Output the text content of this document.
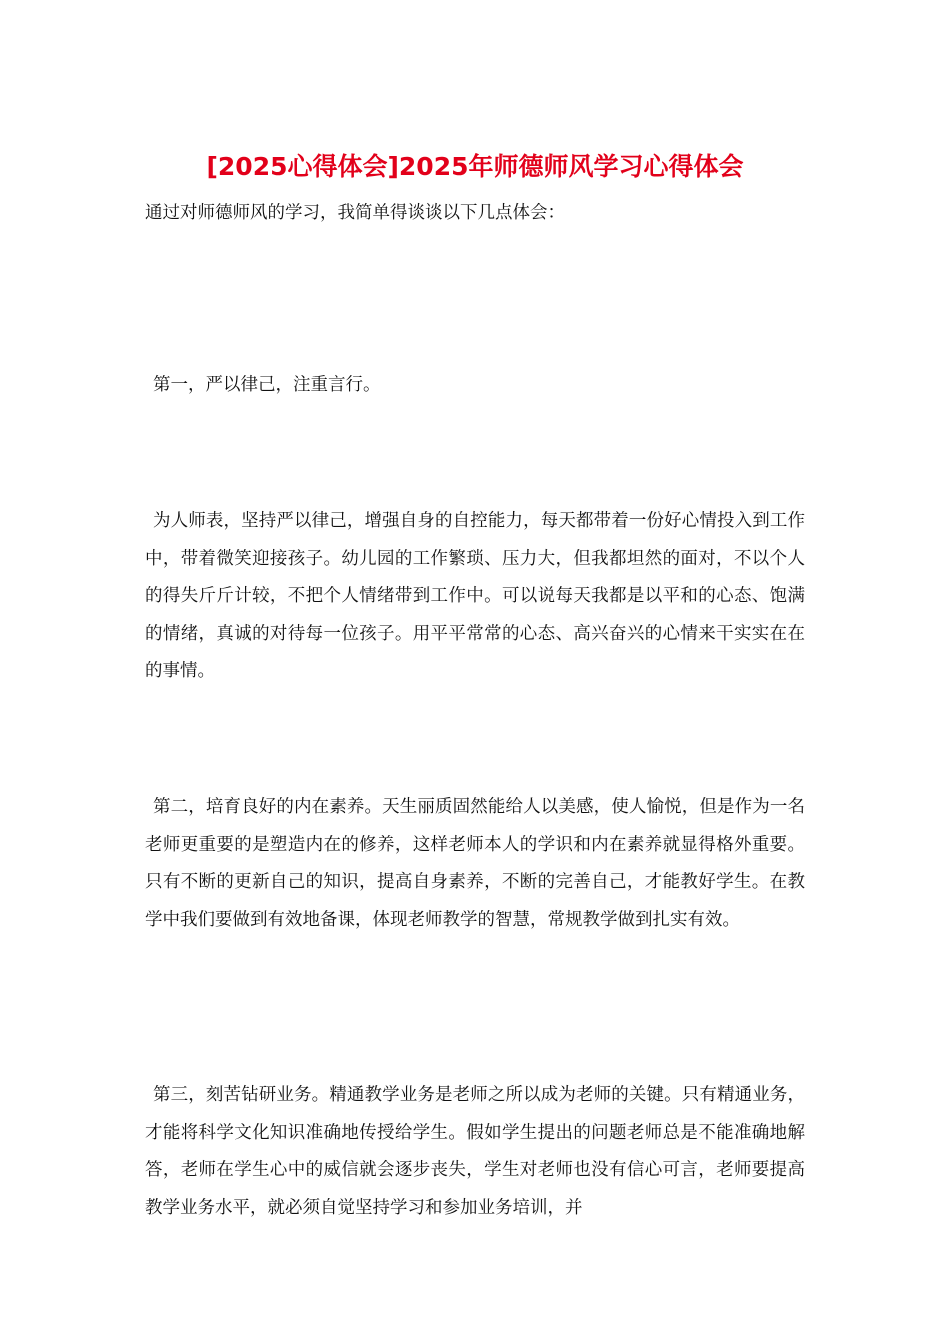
[2025心得体会]2025年师德师风学习心得体会

通过对师德师风的学习，我简单得谈谈以下几点体会：

第一，严以律己，注重言行。

为人师表，坚持严以律己，增强自身的自控能力，每天都带着一份好心情投入到工作中，带着微笑迎接孩子。幼儿园的工作繁琐、压力大，但我都坦然的面对，不以个人的得失斤斤计较，不把个人情绪带到工作中。可以说每天我都是以平和的心态、饱满的情绪，真诚的对待每一位孩子。用平平常常的心态、高兴奋兴的心情来干实实在在的事情。

第二，培育良好的内在素养。天生丽质固然能给人以美感，使人愉悦，但是作为一名老师更重要的是塑造内在的修养，这样老师本人的学识和内在素养就显得格外重要。只有不断的更新自己的知识，提高自身素养，不断的完善自己，才能教好学生。在教学中我们要做到有效地备课，体现老师教学的智慧，常规教学做到扎实有效。

第三，刻苦钻研业务。精通教学业务是老师之所以成为老师的关键。只有精通业务，才能将科学文化知识准确地传授给学生。假如学生提出的问题老师总是不能准确地解答，老师在学生心中的威信就会逐步丧失，学生对老师也没有信心可言，老师要提高教学业务水平，就必须自觉坚持学习和参加业务培训，并
